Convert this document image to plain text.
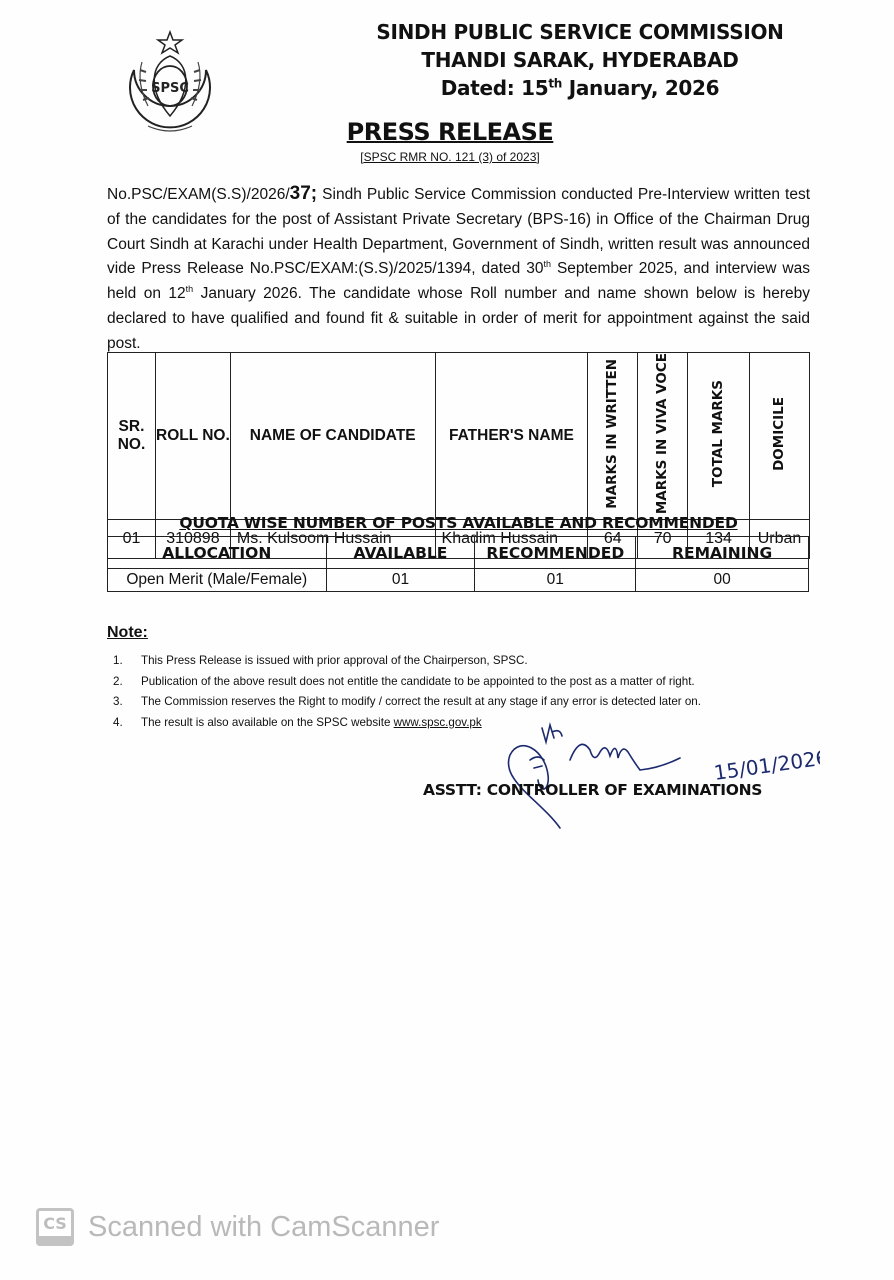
SPSC
SINDH PUBLIC SERVICE COMMISSION
THANDI SARAK, HYDERABAD
Dated: 15th January, 2026
PRESS RELEASE
[SPSC RMR NO. 121 (3) of 2023]
No.PSC/EXAM(S.S)/2026/37; Sindh Public Service Commission conducted Pre-Interview written test of the candidates for the post of Assistant Private Secretary (BPS-16) in Office of the Chairman Drug Court Sindh at Karachi under Health Department, Government of Sindh, written result was announced vide Press Release No.PSC/EXAM:(S.S)/2025/1394, dated 30th September 2025, and interview was held on 12th January 2026. The candidate whose Roll number and name shown below is hereby declared to have qualified and found fit & suitable in order of merit for appointment against the said post.
SR. NO.	ROLL NO.	NAME OF CANDIDATE	FATHER'S NAME	MARKS IN WRITTEN	MARKS IN VIVA VOCE	TOTAL MARKS	DOMICILE
01	310898	Ms. Kulsoom Hussain	Khadim Hussain	64	70	134	Urban
QUOTA WISE NUMBER OF POSTS AVAILABLE AND RECOMMENDED
ALLOCATION	AVAILABLE	RECOMMENDED	REMAINING
Open Merit (Male/Female)	01	01	00
Note:
1.	This Press Release is issued with prior approval of the Chairperson, SPSC.
2.	Publication of the above result does not entitle the candidate to be appointed to the post as a matter of right.
3.	The Commission reserves the Right to modify / correct the result at any stage if any error is detected later on.
4.	The result is also available on the SPSC website www.spsc.gov.pk
15/01/2026
ASSTT: CONTROLLER OF EXAMINATIONS
CS Scanned with CamScanner
